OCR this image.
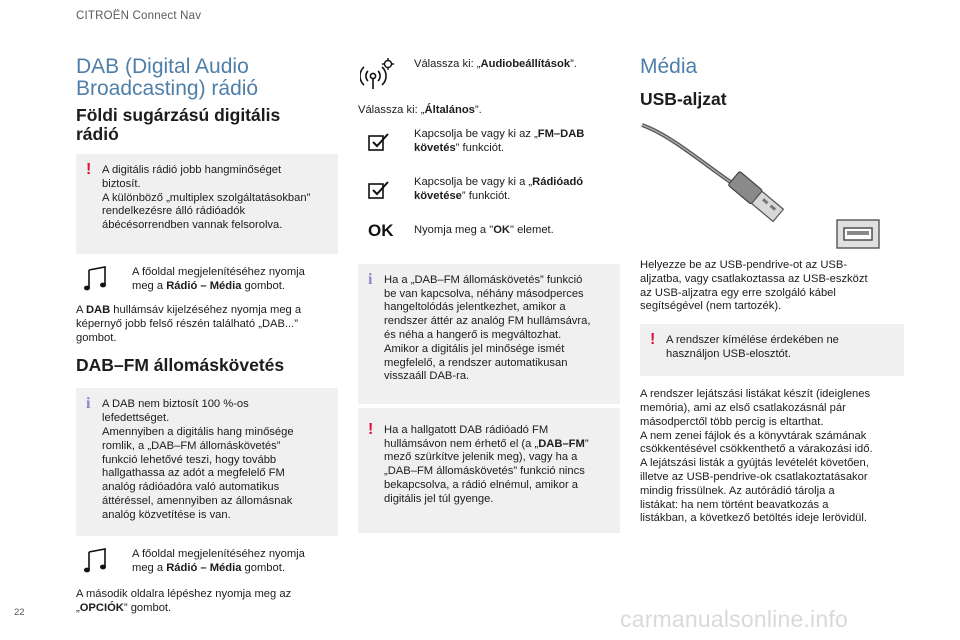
CITROËN Connect Nav
DAB (Digital Audio
Broadcasting) rádió
Földi sugárzású digitális
rádió
! A digitális rádió jobb hangminőséget
biztosít.
A különböző „multiplex szolgáltatásokban”
rendelkezésre álló rádióadók
ábécésorrendben vannak felsorolva.
A főoldal megjelenítéséhez nyomja
meg a Rádió – Média gombot.
A DAB hullámsáv kijelzéséhez nyomja meg a
képernyő jobb felső részén található „DAB...”
gombot.
DAB–FM állomáskövetés
i A DAB nem biztosít 100 %-os
lefedettséget.
Amennyiben a digitális hang minősége
romlik, a „DAB–FM állomáskövetés”
funkció lehetővé teszi, hogy tovább
hallgathassa az adót a megfelelő FM
analóg rádióadóra való automatikus
áttéréssel, amennyiben az állomásnak
analóg közvetítése is van.
A főoldal megjelenítéséhez nyomja
meg a Rádió – Média gombot.
A második oldalra lépéshez nyomja meg az
„OPCIÓK” gombot.
Válassza ki: „Audiobeállítások”.
Válassza ki: „Általános”.
Kapcsolja be vagy ki az „FM–DAB
követés” funkciót.
Kapcsolja be vagy ki a „Rádióadó
követése” funkciót.
OK Nyomja meg a "OK" elemet.
i Ha a „DAB–FM állomáskövetés” funkció
be van kapcsolva, néhány másodperces
hangeltolódás jelentkezhet, amikor a
rendszer áttér az analóg FM hullámsávra,
és néha a hangerő is megváltozhat.
Amikor a digitális jel minősége ismét
megfelelő, a rendszer automatikusan
visszaáll DAB-ra.
! Ha a hallgatott DAB rádióadó FM
hullámsávon nem érhető el (a „DAB–FM”
mező szürkítve jelenik meg), vagy ha a
„DAB–FM állomáskövetés” funkció nincs
bekapcsolva, a rádió elnémul, amikor a
digitális jel túl gyenge.
Média
USB-aljzat
Helyezze be az USB-pendrive-ot az USB-
aljzatba, vagy csatlakoztassa az USB-eszközt
az USB-aljzatra egy erre szolgáló kábel
segítségével (nem tartozék).
! A rendszer kímélése érdekében ne
használjon USB-elosztót.
A rendszer lejátszási listákat készít (ideiglenes
memória), ami az első csatlakozásnál pár
másodperctől több percig is eltarthat.
A nem zenei fájlok és a könyvtárak számának
csökkentésével csökkenthető a várakozási idő.
A lejátszási listák a gyújtás levételét követően,
illetve az USB-pendrive-ok csatlakoztatásakor
mindig frissülnek. Az autórádió tárolja a
listákat: ha nem történt beavatkozás a
listákban, a következő betöltés ideje lerövidül.
22	carmanualsonline.info
